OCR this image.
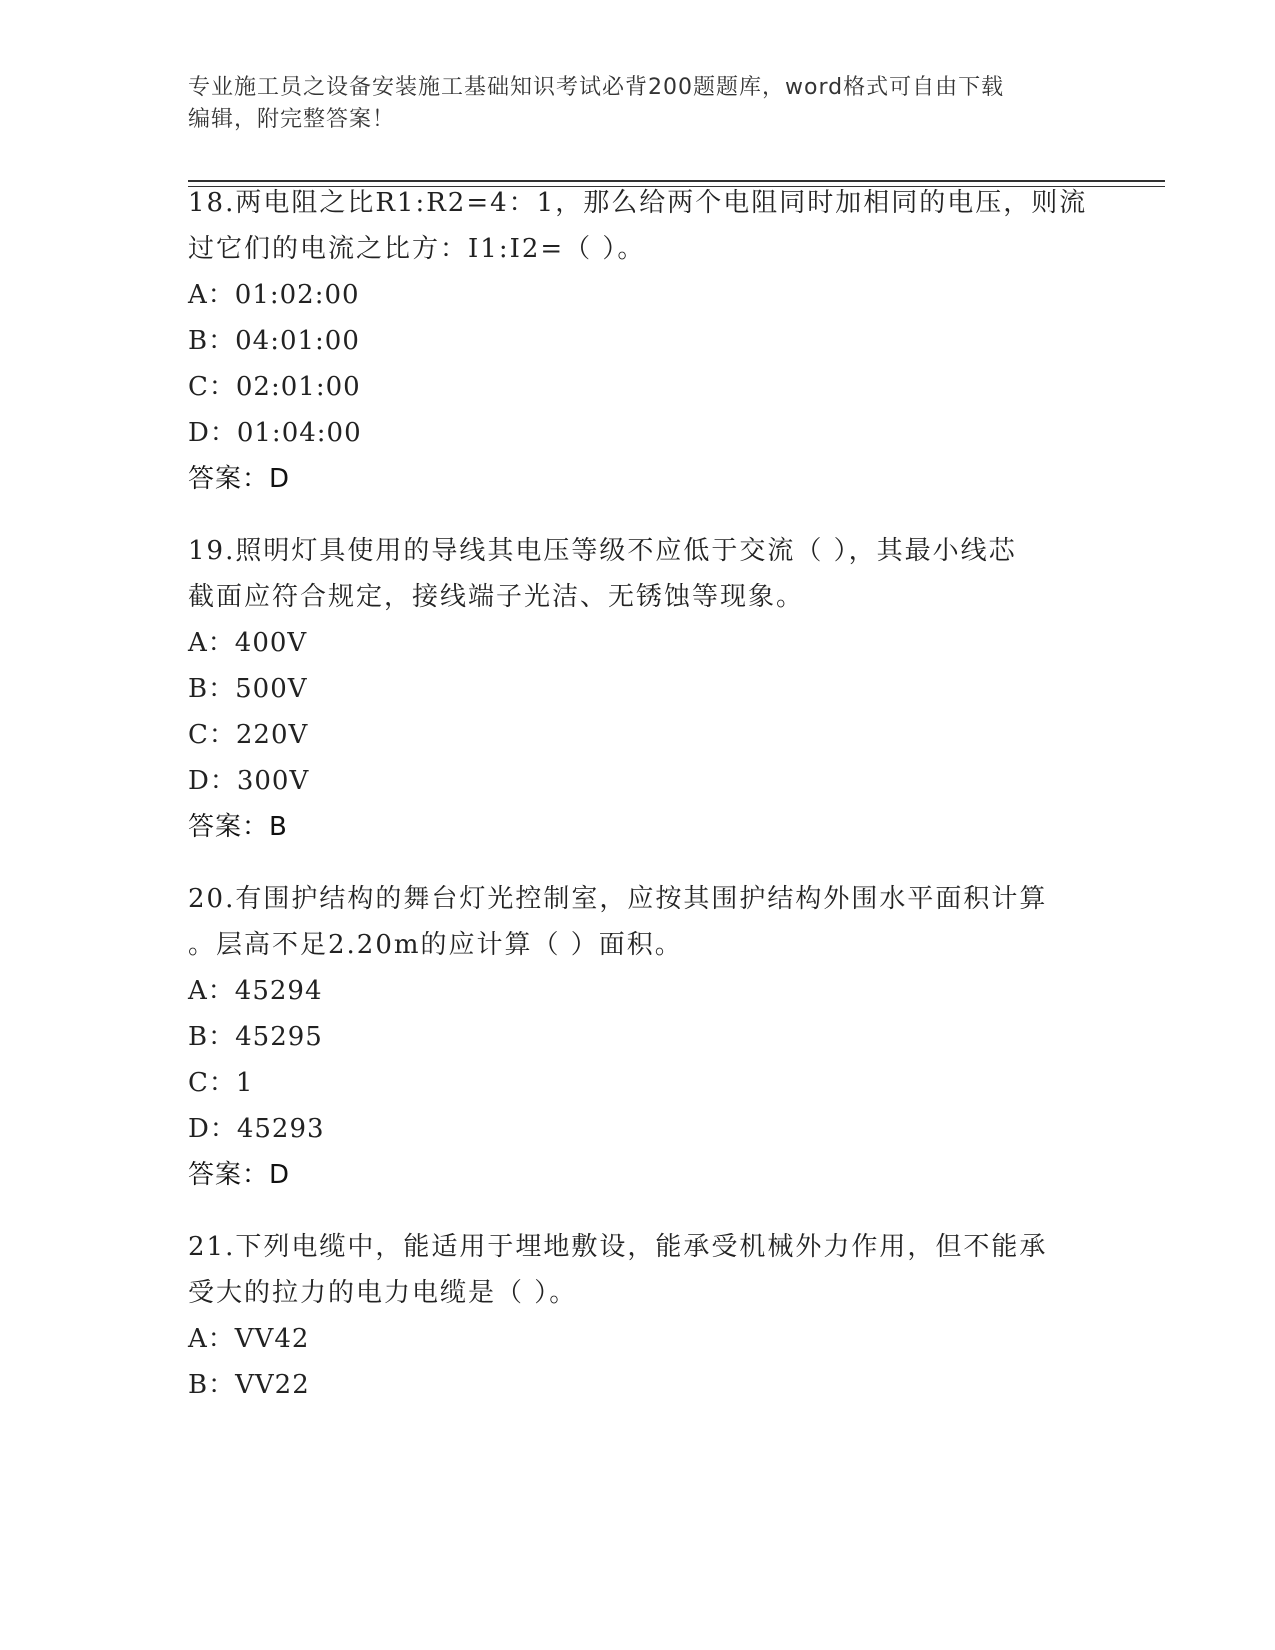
专业施工员之设备安装施工基础知识考试必背200题题库，word格式可自由下载
编辑，附完整答案！

18.两电阻之比R1:R2=4：1，那么给两个电阻同时加相同的电压，则流

过它们的电流之比方：I1:I2=（ ）。

A：01:02:00

B：04:01:00

C：02:01:00

D：01:04:00

答案：D

19.照明灯具使用的导线其电压等级不应低于交流（ ），其最小线芯

截面应符合规定，接线端子光洁、无锈蚀等现象。

A：400V

B：500V

C：220V

D：300V

答案：B

20.有围护结构的舞台灯光控制室，应按其围护结构外围水平面积计算

。层高不足2.20m的应计算（ ）面积。

A：45294

B：45295

C：1

D：45293

答案：D

21.下列电缆中，能适用于埋地敷设，能承受机械外力作用，但不能承

受大的拉力的电力电缆是（ ）。

A：VV42

B：VV22
